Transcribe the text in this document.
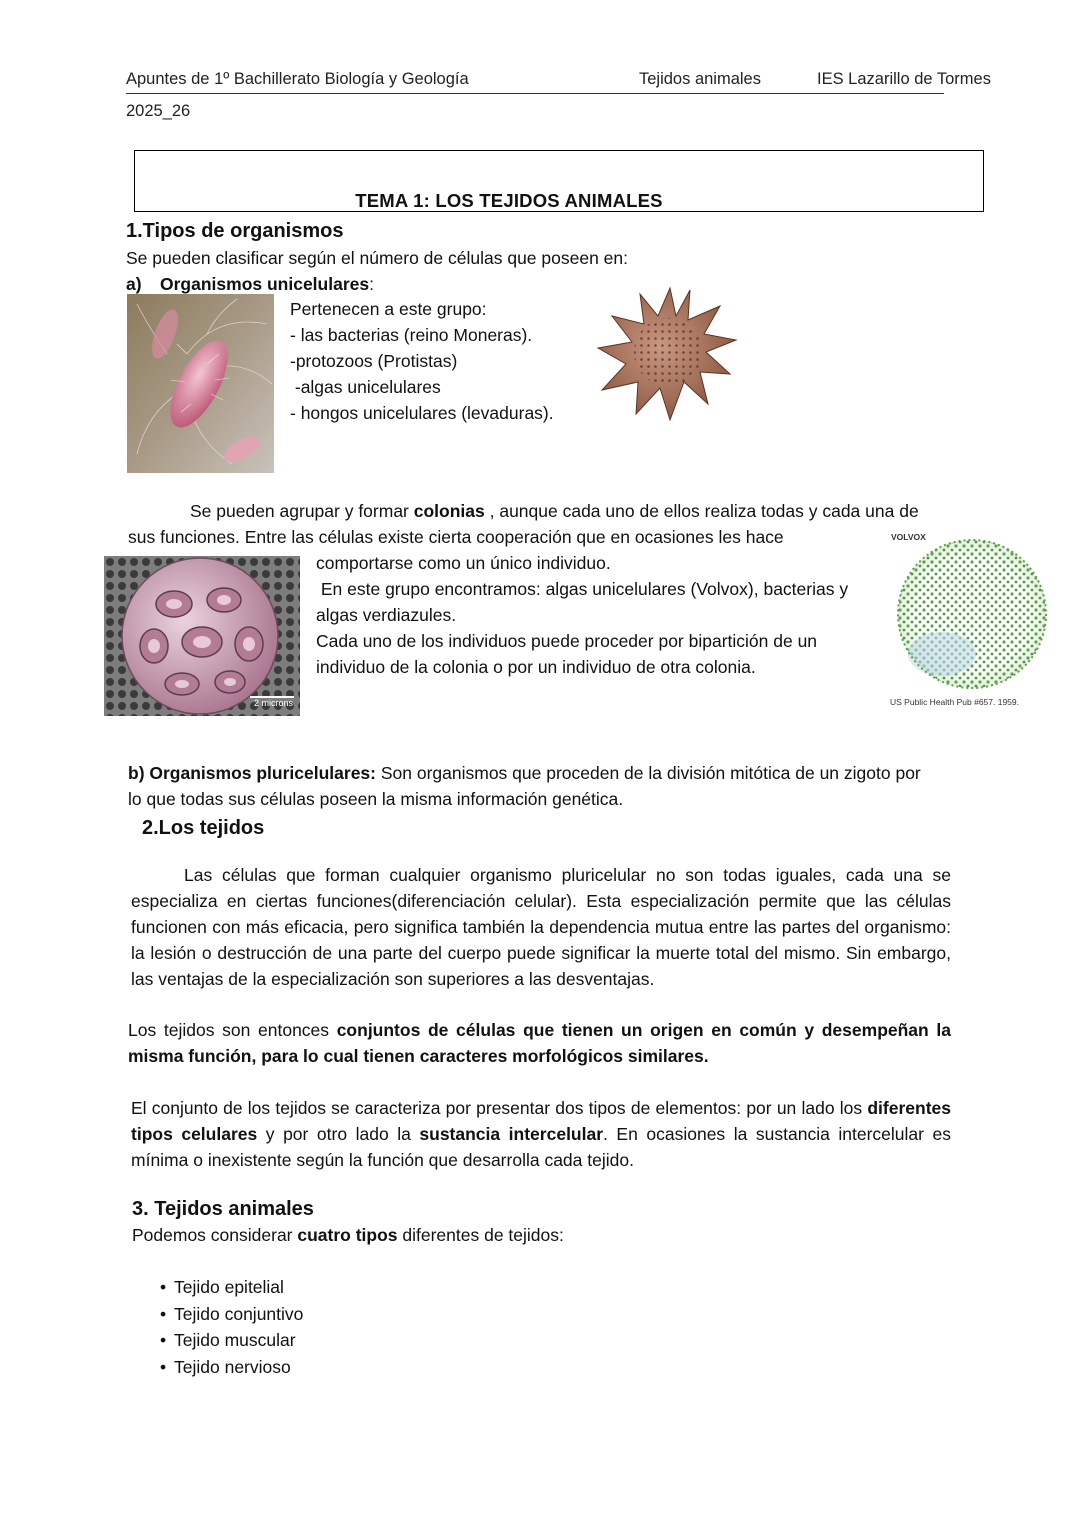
Apuntes de 1º Bachillerato Biología y Geología	Tejidos animales	IES Lazarillo de Tormes
2025_26
TEMA 1: LOS TEJIDOS ANIMALES
1.Tipos de organismos
Se pueden clasificar según el número de células que poseen en:
a) Organismos unicelulares:
Pertenecen a este grupo:
- las bacterias (reino Moneras).
-protozoos (Protistas)
-algas unicelulares
- hongos unicelulares (levaduras).
Se pueden agrupar y formar colonias , aunque cada uno de ellos realiza todas y cada una de
sus funciones. Entre las células existe cierta cooperación que en ocasiones les hace
2 microns
comportarse como un único individuo.
En este grupo encontramos: algas unicelulares (Volvox), bacterias y
algas verdiazules.
Cada uno de los individuos puede proceder por bipartición de un
individuo de la colonia o por un individuo de otra colonia.
VOLVOX
US Public Health Pub #657. 1959.
b) Organismos pluricelulares: Son organismos que proceden de la división mitótica de un zigoto por
lo que todas sus células poseen la misma información genética.
2.Los tejidos
Las células que forman cualquier organismo pluricelular no son todas iguales, cada una se especializa en ciertas funciones(diferenciación celular). Esta especialización permite que las células funcionen con más eficacia, pero significa también la dependencia mutua entre las partes del organismo: la lesión o destrucción de una parte del cuerpo puede significar la muerte total del mismo. Sin embargo, las ventajas de la especialización son superiores a las desventajas.
Los tejidos son entonces conjuntos de células que tienen un origen en común y desempeñan la misma función, para lo cual tienen caracteres morfológicos similares.
El conjunto de los tejidos se caracteriza por presentar dos tipos de elementos: por un lado los diferentes tipos celulares y por otro lado la sustancia intercelular. En ocasiones la sustancia intercelular es mínima o inexistente según la función que desarrolla cada tejido.
3. Tejidos animales
Podemos considerar cuatro tipos diferentes de tejidos:
• Tejido epitelial
• Tejido conjuntivo
• Tejido muscular
• Tejido nervioso
